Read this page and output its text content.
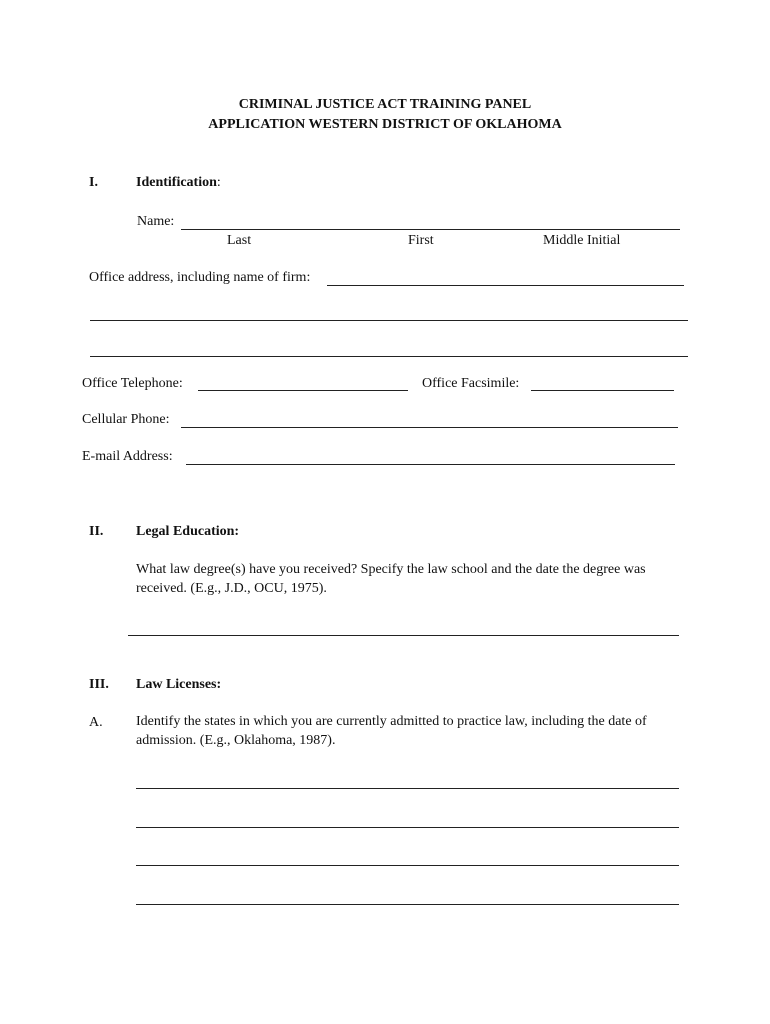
CRIMINAL JUSTICE ACT TRAINING PANEL
APPLICATION WESTERN DISTRICT OF OKLAHOMA
I.	Identification:
Name:
Last	First	Middle Initial
Office address, including name of firm:
Office Telephone:	Office Facsimile:
Cellular Phone:
E-mail Address:
II. Legal Education:
What law degree(s) have you received? Specify the law school and the date the degree was received. (E.g., J.D., OCU, 1975).
III. Law Licenses:
A. Identify the states in which you are currently admitted to practice law, including the date of admission. (E.g., Oklahoma, 1987).
